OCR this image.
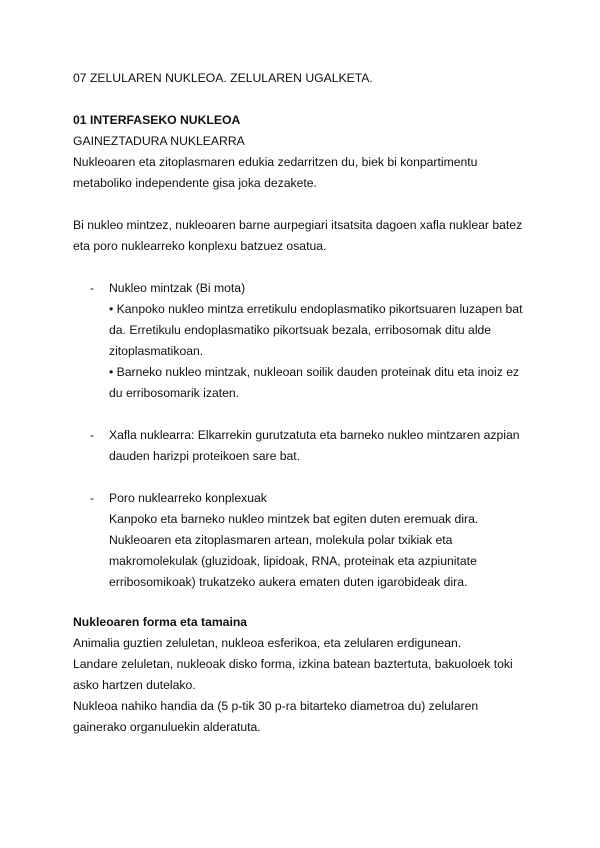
07 ZELULAREN NUKLEOA. ZELULAREN UGALKETA.

01 INTERFASEKO NUKLEOA

GAINEZTADURA NUKLEARRA

Nukleoaren eta zitoplasmaren edukia zedarritzen du, biek bi konpartimentu

metaboliko independente gisa joka dezakete.

Bi nukleo mintzez, nukleoaren barne aurpegiari itsatsita dagoen xafla nuklear batez

eta poro nuklearreko konplexu batzuez osatua.

- Nukleo mintzak (Bi mota)

• Kanpoko nukleo mintza erretikulu endoplasmatiko pikortsuaren luzapen bat

da. Erretikulu endoplasmatiko pikortsuak bezala, erribosomak ditu alde

zitoplasmatikoan.

• Barneko nukleo mintzak, nukleoan soilik dauden proteinak ditu eta inoiz ez

du erribosomarik izaten.

- Xafla nuklearra: Elkarrekin gurutzatuta eta barneko nukleo mintzaren azpian

dauden harizpi proteikoen sare bat.

- Poro nuklearreko konplexuak

Kanpoko eta barneko nukleo mintzek bat egiten duten eremuak dira.

Nukleoaren eta zitoplasmaren artean, molekula polar txikiak eta

makromolekulak (gluzidoak, lipidoak, RNA, proteinak eta azpiunitate

erribosomikoak) trukatzeko aukera ematen duten igarobideak dira.

Nukleoaren forma eta tamaina

Animalia guztien zeluletan, nukleoa esferikoa, eta zelularen erdigunean.

Landare zeluletan, nukleoak disko forma, izkina batean baztertuta, bakuoloek toki

asko hartzen dutelako.

Nukleoa nahiko handia da (5 p-tik 30 p-ra bitarteko diametroa du) zelularen

gainerako organuluekin alderatuta.
